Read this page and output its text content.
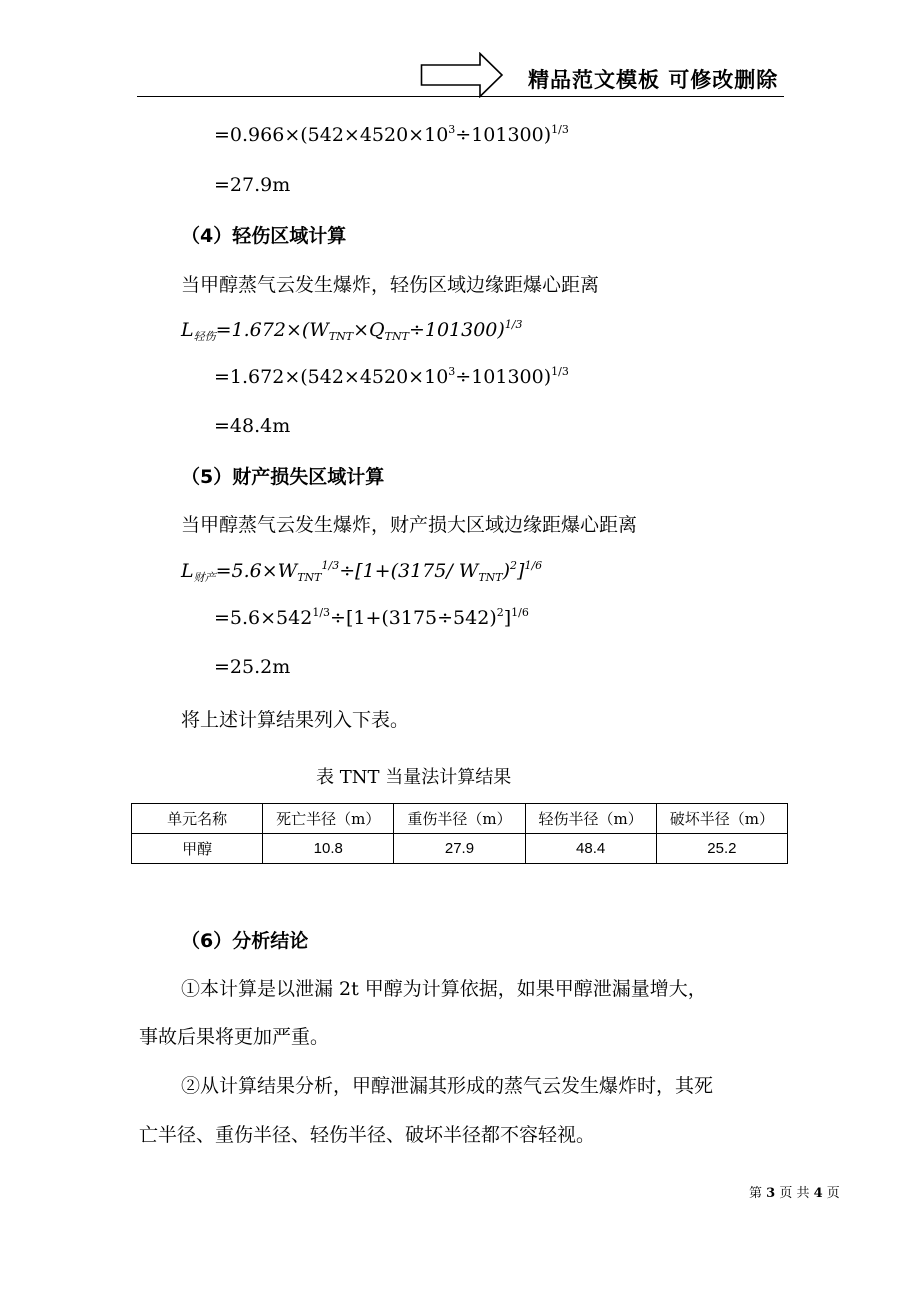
精品范文模板 可修改删除
$=0.966\times(542\times 4520\times 10^3\div 101300)^{1/3}$
=27.9m
（4）轻伤区域计算
当甲醇蒸气云发生爆炸，轻伤区域边缘距爆心距离
$L_{轻伤}=1.672\times(W_{TNT}\times Q_{TNT}\div 101300)^{1/3}$
$=1.672\times(542\times 4520\times 10^3\div 101300)^{1/3}$
=48.4m
（5）财产损失区域计算
当甲醇蒸气云发生爆炸，财产损大区域边缘距爆心距离
$L_{财产}=5.6\times W_{TNT}^{1/3}\div[1+(3175/$ $W_{TNT})^2]^{1/6}$
$=5.6\times 542^{1/3}\div[1+(3175\div 542)^2]^{1/6}$
=25.2m
将上述计算结果列入下表。
表 TNT 当量法计算结果
单元名称	死亡半径（m）	重伤半径（m）	轻伤半径（m）	破坏半径（m）
甲醇	10.8	27.9	48.4	25.2
（6）分析结论
①本计算是以泄漏 2t 甲醇为计算依据，如果甲醇泄漏量增大，
事故后果将更加严重。
②从计算结果分析，甲醇泄漏其形成的蒸气云发生爆炸时，其死
亡半径、重伤半径、轻伤半径、破坏半径都不容轻视。
第 3 页 共 4 页
